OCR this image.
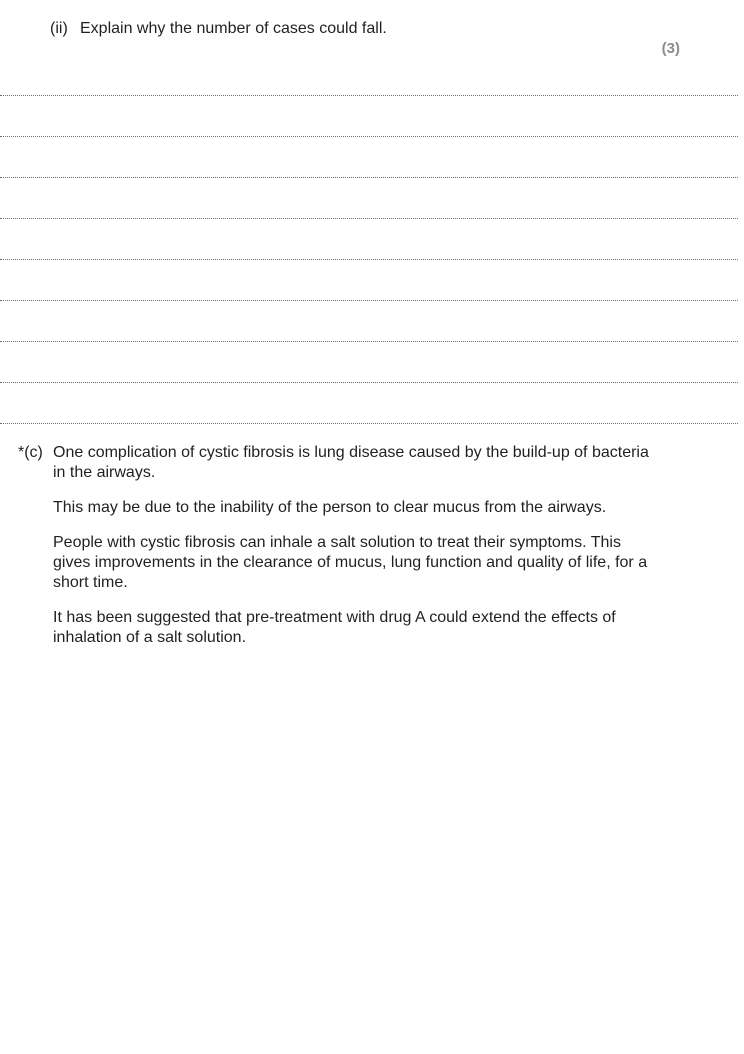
(ii) Explain why the number of cases could fall.
(3)
*(c) One complication of cystic fibrosis is lung disease caused by the build-up of bacteria in the airways.

This may be due to the inability of the person to clear mucus from the airways.

People with cystic fibrosis can inhale a salt solution to treat their symptoms. This gives improvements in the clearance of mucus, lung function and quality of life, for a short time.

It has been suggested that pre-treatment with drug A could extend the effects of inhalation of a salt solution.
